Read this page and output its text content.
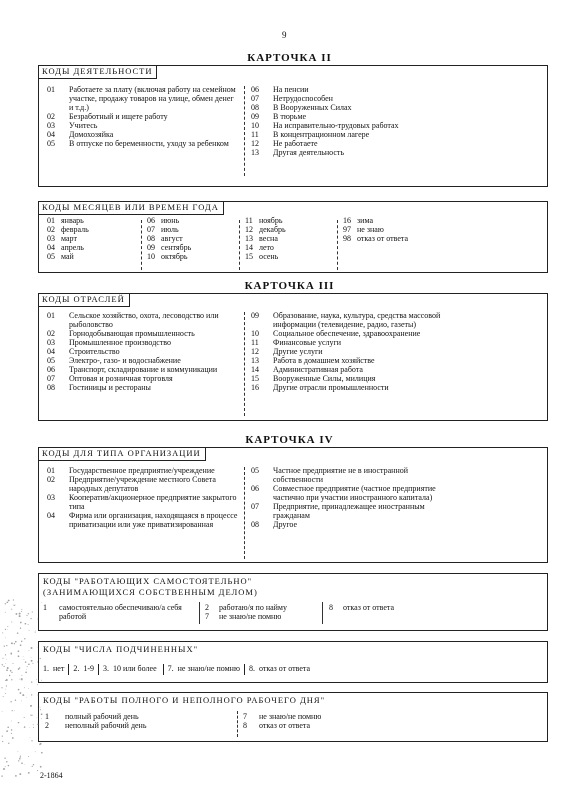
9
КАРТОЧКА II
КОДЫ ДЕЯТЕЛЬНОСТИ
01	Работаете за плату (включая работу на семейном участке, продажу товаров на улице, обмен денег и т.д.)
02	Безработный и ищете работу
03	Учитесь
04	Домохозяйка
05	В отпуске по беременности, уходу за ребенком
06	На пенсии
07	Нетрудоспособен
08	В Вооруженных Силах
09	В тюрьме
10	На исправительно-трудовых работах
11	В концентрационном лагере
12	Не работаете
13	Другая деятельность
КОДЫ МЕСЯЦЕВ ИЛИ ВРЕМЕН ГОДА
01 январь
02 февраль
03 март
04 апрель
05 май
06 июнь
07 июль
08 август
09 сентябрь
10 октябрь
11 ноябрь
12 декабрь
13 весна
14 лето
15 осень
16 зима
97 не знаю
98 отказ от ответа
КАРТОЧКА III
КОДЫ ОТРАСЛЕЙ
01	Сельское хозяйство, охота, лесоводство или рыболовство
02	Горнодобывающая промышленность
03	Промышленное производство
04	Строительство
05	Электро-, газо- и водоснабжение
06	Транспорт, складирование и коммуникации
07	Оптовая и розничная торговля
08	Гостиницы и рестораны
09	Образование, наука, культура, средства массовой информации (телевидение, радио, газеты)
10	Социальное обеспечение, здравоохранение
11	Финансовые услуги
12	Другие услуги
13	Работа в домашнем хозяйстве
14	Административная работа
15	Вооруженные Силы, милиция
16	Другие отрасли промышленности
КАРТОЧКА IV
КОДЫ ДЛЯ ТИПА ОРГАНИЗАЦИИ
01	Государственное предприятие/учреждение
02	Предприятие/учреждение местного Совета народных депутатов
03	Кооператив/акционерное предприятие закрытого типа
04	Фирма или организация, находящаяся в процессе приватизации или уже приватизированная
05	Частное предприятие не в иностранной собственности
06	Совместное предприятие (частное предприятие частично при участии иностранного капитала)
07	Предприятие, принадлежащее иностранным гражданам
08	Другое
КОДЫ "РАБОТАЮЩИХ САМОСТОЯТЕЛЬНО"
(ЗАНИМАЮЩИХСЯ СОБСТВЕННЫМ ДЕЛОМ)
1	самостоятельно обеспечиваю/а себя работой
2	работаю/я по найму
7	не знаю/не помню
8	отказ от ответа
КОДЫ "ЧИСЛА ПОДЧИНЕННЫХ"
1. нет 2. 1-9 3. 10 или более 7. не знаю/не помню 8. отказ от ответа
КОДЫ "РАБОТЫ ПОЛНОГО И НЕПОЛНОГО РАБОЧЕГО ДНЯ"
1	полный рабочий день
2	неполный рабочий день
7	не знаю/не помню
8	отказ от ответа
2-1864
